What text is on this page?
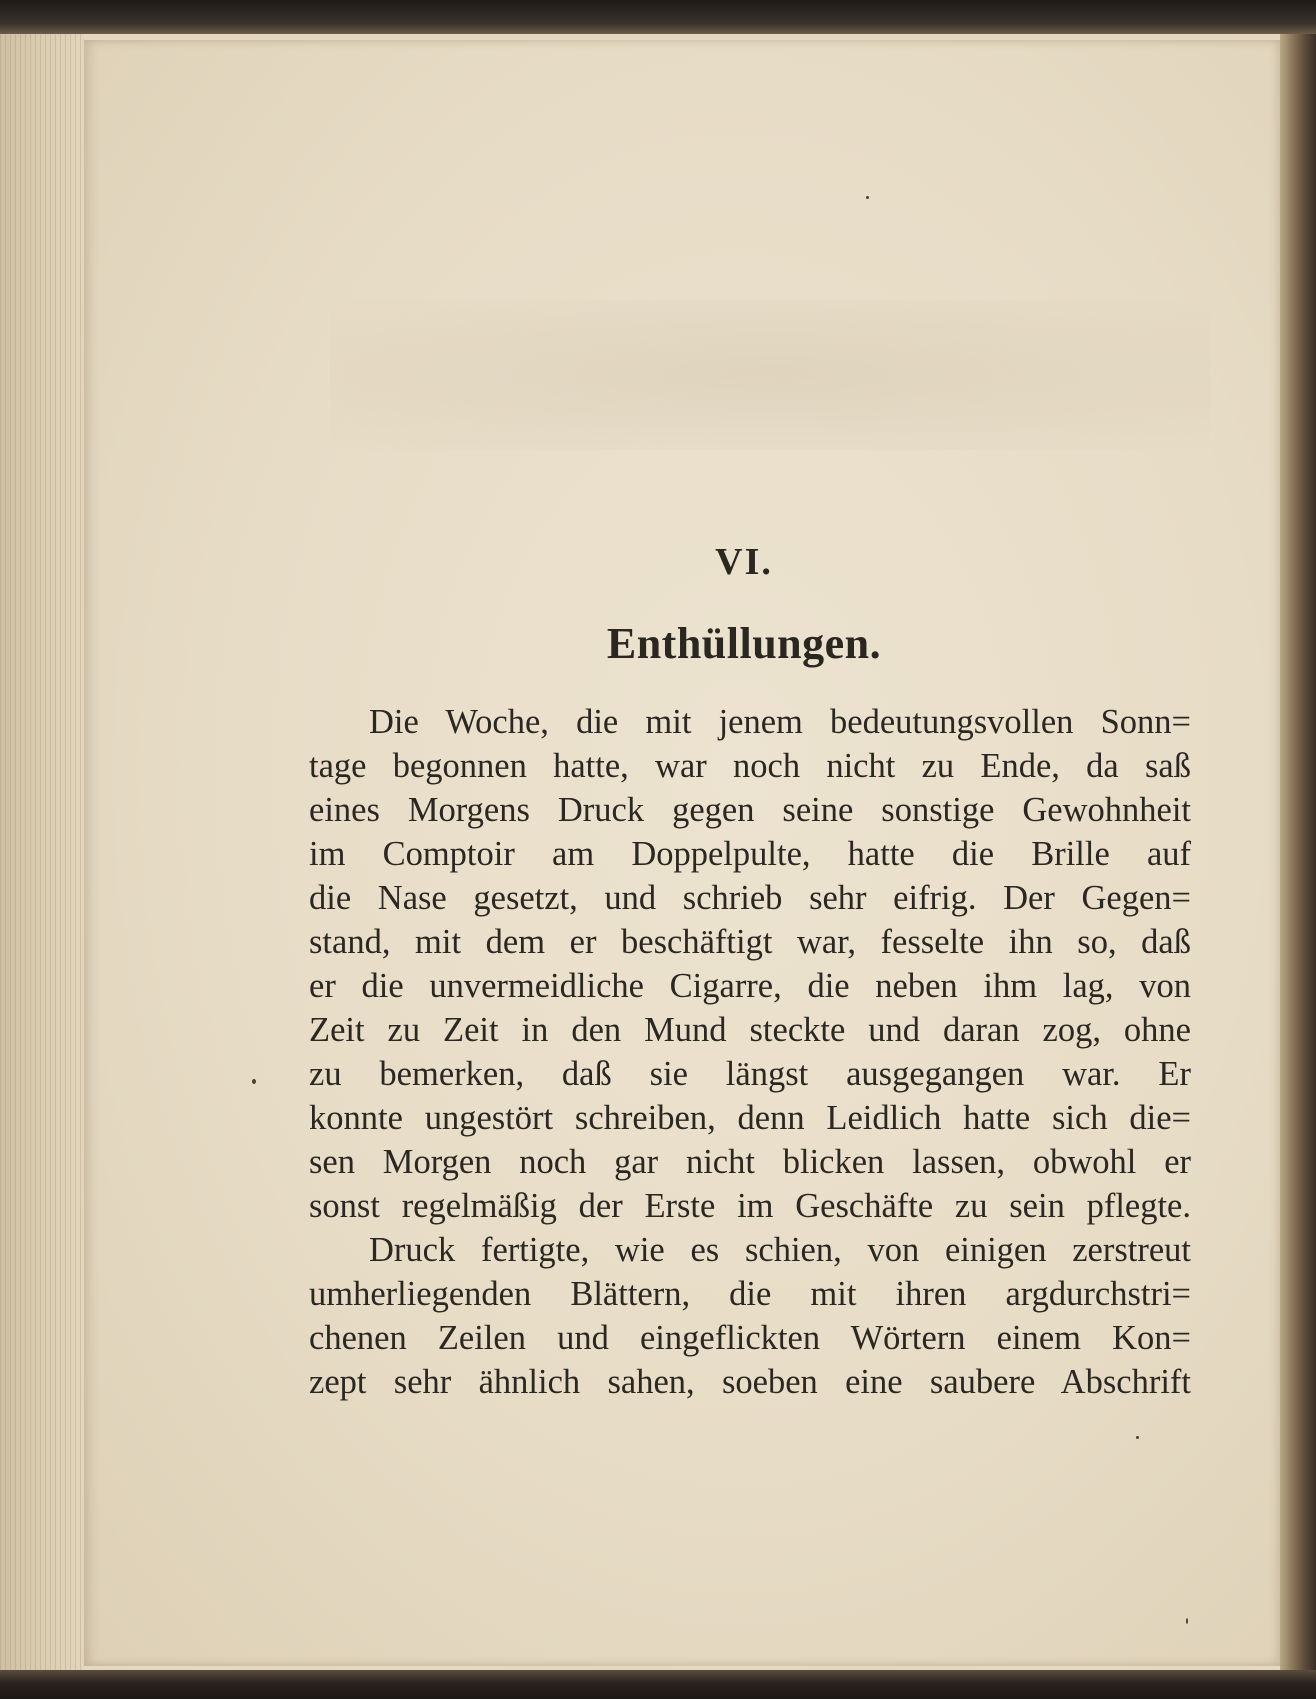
VI.
Enthüllungen.
Die Woche, die mit jenem bedeutungsvollen Sonn=
tage begonnen hatte, war noch nicht zu Ende, da saß
eines Morgens Druck gegen seine sonstige Gewohnheit
im Comptoir am Doppelpulte, hatte die Brille auf
die Nase gesetzt, und schrieb sehr eifrig. Der Gegen=
stand, mit dem er beschäftigt war, fesselte ihn so, daß
er die unvermeidliche Cigarre, die neben ihm lag, von
Zeit zu Zeit in den Mund steckte und daran zog, ohne
zu bemerken, daß sie längst ausgegangen war. Er
konnte ungestört schreiben, denn Leidlich hatte sich die=
sen Morgen noch gar nicht blicken lassen, obwohl er
sonst regelmäßig der Erste im Geschäfte zu sein pflegte.
Druck fertigte, wie es schien, von einigen zerstreut
umherliegenden Blättern, die mit ihren argdurchstri=
chenen Zeilen und eingeflickten Wörtern einem Kon=
zept sehr ähnlich sahen, soeben eine saubere Abschrift
